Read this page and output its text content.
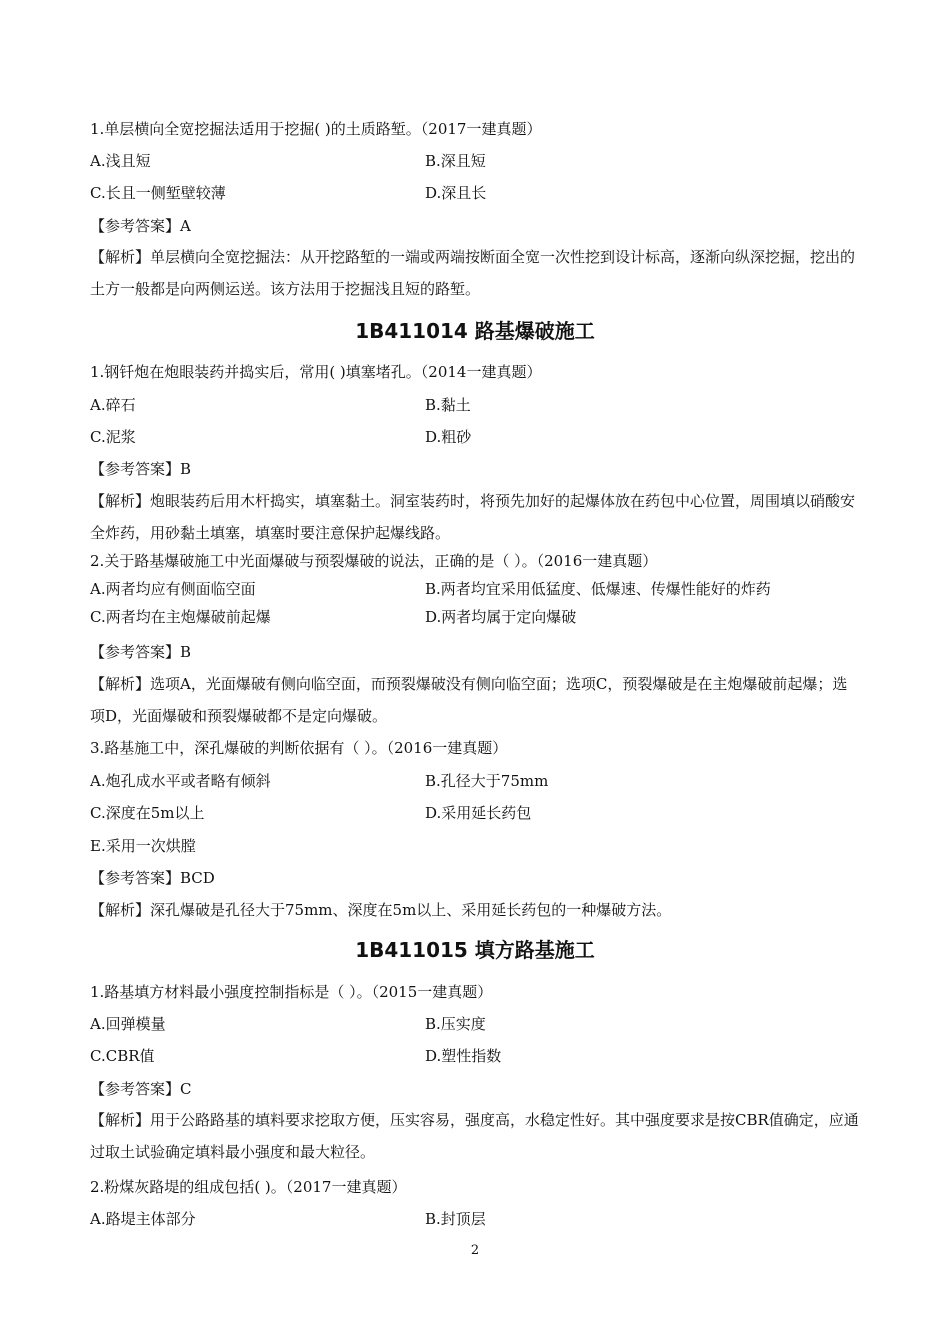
1.单层横向全宽挖掘法适用于挖掘( )的土质路堑。（2017一建真题）
A.浅且短	B.深且短
C.长且一侧堑壁较薄	D.深且长
【参考答案】A
【解析】单层横向全宽挖掘法：从开挖路堑的一端或两端按断面全宽一次性挖到设计标高，逐渐向纵深挖掘，挖出的土方一般都是向两侧运送。该方法用于挖掘浅且短的路堑。
1B411014 路基爆破施工
1.钢钎炮在炮眼装药并捣实后，常用( )填塞堵孔。（2014一建真题）
A.碎石	B.黏土
C.泥浆	D.粗砂
【参考答案】B
【解析】炮眼装药后用木杆捣实，填塞黏土。洞室装药时，将预先加好的起爆体放在药包中心位置，周围填以硝酸安全炸药，用砂黏土填塞，填塞时要注意保护起爆线路。
2.关于路基爆破施工中光面爆破与预裂爆破的说法，正确的是（ ）。（2016一建真题）
A.两者均应有侧面临空面	B.两者均宜采用低猛度、低爆速、传爆性能好的炸药
C.两者均在主炮爆破前起爆	D.两者均属于定向爆破
【参考答案】B
【解析】选项A，光面爆破有侧向临空面，而预裂爆破没有侧向临空面；选项C，预裂爆破是在主炮爆破前起爆；选项D，光面爆破和预裂爆破都不是定向爆破。
3.路基施工中，深孔爆破的判断依据有（ ）。（2016一建真题）
A.炮孔成水平或者略有倾斜	B.孔径大于75mm
C.深度在5m以上	D.采用延长药包
E.采用一次烘膛
【参考答案】BCD
【解析】深孔爆破是孔径大于75mm、深度在5m以上、采用延长药包的一种爆破方法。
1B411015 填方路基施工
1.路基填方材料最小强度控制指标是（ ）。（2015一建真题）
A.回弹模量	B.压实度
C.CBR值	D.塑性指数
【参考答案】C
【解析】用于公路路基的填料要求挖取方便，压实容易，强度高，水稳定性好。其中强度要求是按CBR值确定，应通过取土试验确定填料最小强度和最大粒径。
2.粉煤灰路堤的组成包括( )。（2017一建真题）
A.路堤主体部分	B.封顶层
2
